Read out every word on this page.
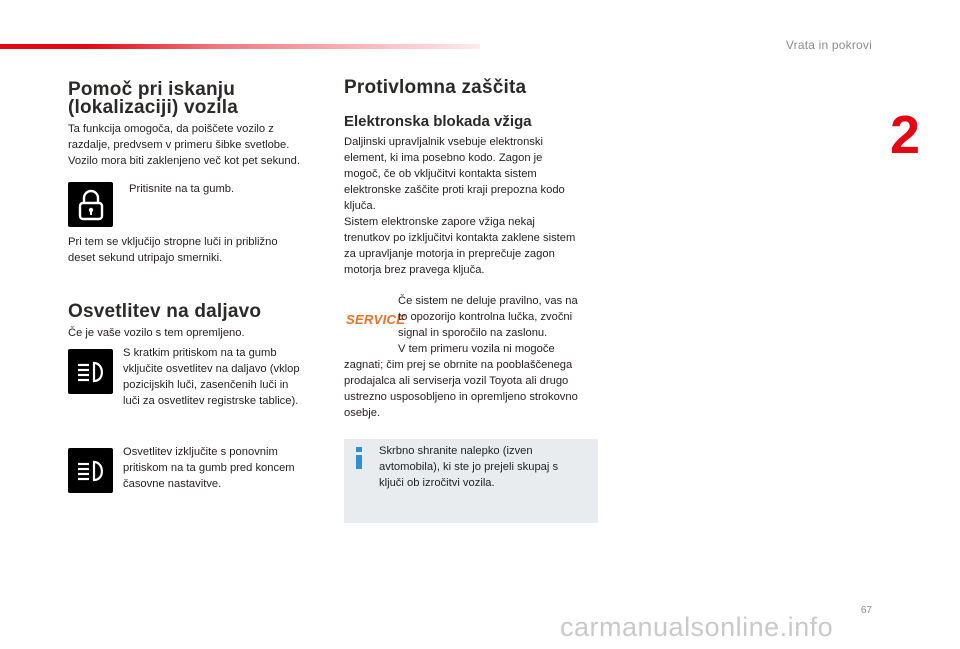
Vrata in pokrovi
2
Pomoč pri iskanju
(lokalizaciji) vozila
Ta funkcija omogoča, da poiščete vozilo z
razdalje, predvsem v primeru šibke svetlobe.
Vozilo mora biti zaklenjeno več kot pet sekund.
Pritisnite na ta gumb.
Pri tem se vključijo stropne luči in približno
deset sekund utripajo smerniki.
Osvetlitev na daljavo
Če je vaše vozilo s tem opremljeno.
S kratkim pritiskom na ta gumb
vključite osvetlitev na daljavo (vklop
pozicijskih luči, zasenčenih luči in
luči za osvetlitev registrske tablice).
Osvetlitev izključite s ponovnim
pritiskom na ta gumb pred koncem
časovne nastavitve.
Protivlomna zaščita
Elektronska blokada vžiga
Daljinski upravljalnik vsebuje elektronski
element, ki ima posebno kodo. Zagon je
mogoč, če ob vključitvi kontakta sistem
elektronske zaščite proti kraji prepozna kodo
ključa.
Sistem elektronske zapore vžiga nekaj
trenutkov po izključitvi kontakta zaklene sistem
za upravljanje motorja in preprečuje zagon
motorja brez pravega ključa.
SERVICE
Če sistem ne deluje pravilno, vas na
to opozorijo kontrolna lučka, zvočni
signal in sporočilo na zaslonu.
V tem primeru vozila ni mogoče
zagnati; čim prej se obrnite na pooblaščenega
prodajalca ali serviserja vozil Toyota ali drugo
ustrezno usposobljeno in opremljeno strokovno
osebje.
Skrbno shranite nalepko (izven
avtomobila), ki ste jo prejeli skupaj s
ključi ob izročitvi vozila.
67
carmanualsonline.info
